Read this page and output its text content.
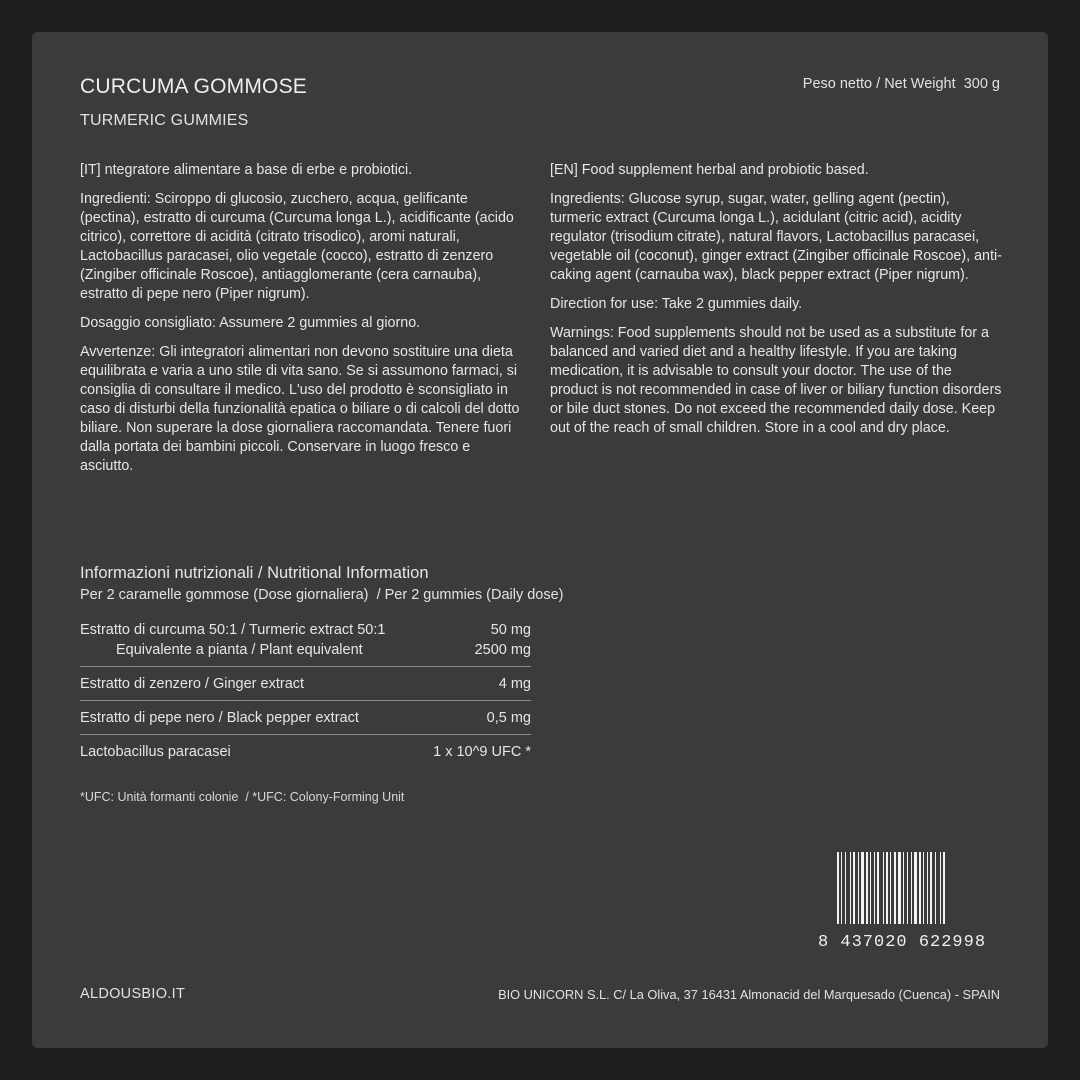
CURCUMA GOMMOSE
TURMERIC GUMMIES
Peso netto / Net Weight  300 g

[IT] ntegratore alimentare a base di erbe e probiotici.

Ingredienti: Sciroppo di glucosio, zucchero, acqua, gelificante (pectina), estratto di curcuma (Curcuma longa L.), acidificante (acido citrico), correttore di acidità (citrato trisodico), aromi naturali, Lactobacillus paracasei, olio vegetale (cocco), estratto di zenzero (Zingiber officinale Roscoe), antiagglomerante (cera carnauba), estratto di pepe nero (Piper nigrum).

Dosaggio consigliato: Assumere 2 gummies al giorno.

Avvertenze: Gli integratori alimentari non devono sostituire una dieta equilibrata e varia a uno stile di vita sano. Se si assumono farmaci, si consiglia di consultare il medico. L'uso del prodotto è sconsigliato in caso di disturbi della funzionalità epatica o biliare o di calcoli del dotto biliare. Non superare la dose giornaliera raccomandata. Tenere fuori dalla portata dei bambini piccoli. Conservare in luogo fresco e asciutto.

[EN] Food supplement herbal and probiotic based.

Ingredients: Glucose syrup, sugar, water, gelling agent (pectin), turmeric extract (Curcuma longa L.), acidulant (citric acid), acidity regulator (trisodium citrate), natural flavors, Lactobacillus paracasei, vegetable oil (coconut), ginger extract (Zingiber officinale Roscoe), anti-caking agent (carnauba wax), black pepper extract (Piper nigrum).

Direction for use: Take 2 gummies daily.

Warnings: Food supplements should not be used as a substitute for a balanced and varied diet and a healthy lifestyle. If you are taking medication, it is advisable to consult your doctor. The use of the product is not recommended in case of liver or biliary function disorders or bile duct stones. Do not exceed the recommended daily dose. Keep out of the reach of small children. Store in a cool and dry place.

Informazioni nutrizionali / Nutritional Information
Per 2 caramelle gommose (Dose giornaliera)  / Per 2 gummies (Daily dose)
Estratto di curcuma 50:1 / Turmeric extract 50:1	50 mg
Equivalente a pianta / Plant equivalent	2500 mg
Estratto di zenzero / Ginger extract	4 mg
Estratto di pepe nero / Black pepper extract	0,5 mg
Lactobacillus paracasei	1 x 10^9 UFC *
*UFC: Unità formanti colonie  / *UFC: Colony-Forming Unit
8 437020 622998
ALDOUSBIO.IT	BIO UNICORN S.L. C/ La Oliva, 37 16431 Almonacid del Marquesado (Cuenca) - SPAIN
